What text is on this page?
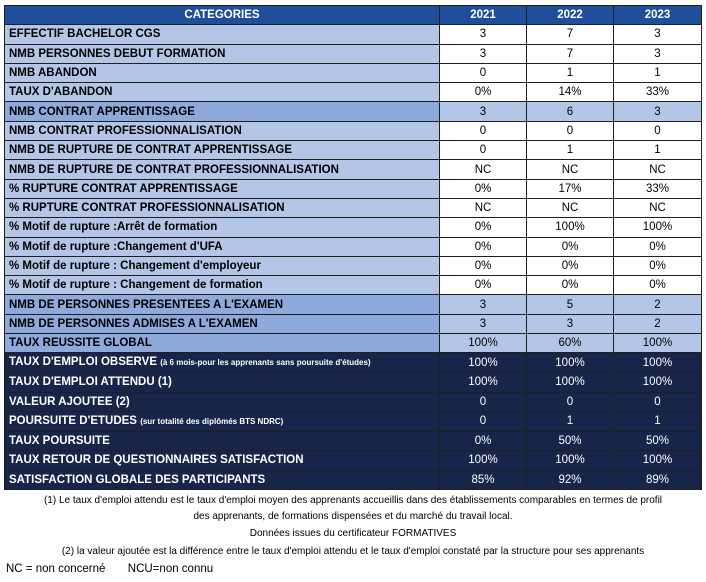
CATEGORIES	2021	2022	2023
EFFECTIF BACHELOR CGS	3	7	3
NMB PERSONNES DEBUT FORMATION	3	7	3
NMB ABANDON	0	1	1
TAUX D'ABANDON	0%	14%	33%
NMB CONTRAT APPRENTISSAGE	3	6	3
NMB CONTRAT PROFESSIONNALISATION	0	0	0
NMB DE RUPTURE DE CONTRAT APPRENTISSAGE	0	1	1
NMB DE RUPTURE DE CONTRAT PROFESSIONNALISATION	NC	NC	NC
% RUPTURE CONTRAT APPRENTISSAGE	0%	17%	33%
% RUPTURE CONTRAT PROFESSIONNALISATION	NC	NC	NC
% Motif de rupture :Arrêt de formation	0%	100%	100%
% Motif de rupture :Changement d'UFA	0%	0%	0%
% Motif de rupture : Changement d'employeur	0%	0%	0%
% Motif de rupture : Changement de formation	0%	0%	0%
NMB DE PERSONNES PRESENTEES A L'EXAMEN	3	5	2
NMB DE PERSONNES ADMISES A L'EXAMEN	3	3	2
TAUX REUSSITE GLOBAL	100%	60%	100%
TAUX D'EMPLOI OBSERVE (à 6 mois-pour les apprenants sans poursuite d'études)	100%	100%	100%
TAUX D'EMPLOI ATTENDU (1)	100%	100%	100%
VALEUR AJOUTEE (2)	0	0	0
POURSUITE D'ETUDES (sur totalité des diplômés BTS NDRC)	0	1	1
TAUX POURSUITE	0%	50%	50%
TAUX RETOUR DE QUESTIONNAIRES SATISFACTION	100%	100%	100%
SATISFACTION GLOBALE DES PARTICIPANTS	85%	92%	89%
(1) Le taux d'emploi attendu est le taux d'emploi moyen des apprenants accueillis dans des établissements comparables en termes de profil
des apprenants, de formations dispensées et du marché du travail local.
Données issues du certificateur FORMATIVES
(2) la valeur ajoutée est la différence entre le taux d'emploi attendu et le taux d'emploi constaté par la structure pour ses apprenants
NC = non concerné NCU=non connu
